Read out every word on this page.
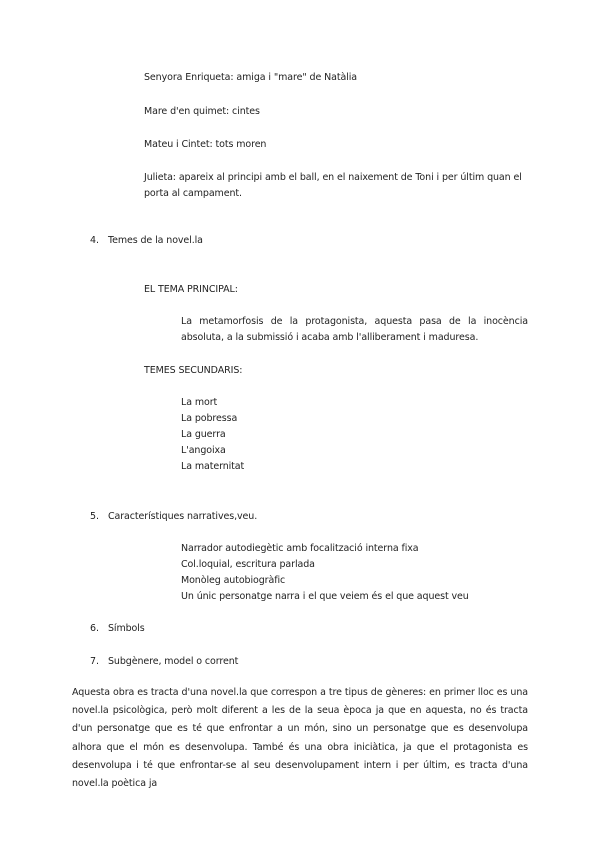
Senyora Enriqueta: amiga i "mare" de Natàlia
Mare d'en quimet: cintes
Mateu i Cintet: tots moren
Julieta: apareix al principi amb el ball, en el naixement de Toni i per últim quan el
porta al campament.
4. Temes de la novel.la
EL TEMA PRINCIPAL:
La metamorfosis de la protagonista, aquesta pasa de la inocència
absoluta, a la submissió i acaba amb l'alliberament i maduresa.
TEMES SECUNDARIS:
La mort
La pobressa
La guerra
L'angoixa
La maternitat
5. Característiques narratives,veu.
Narrador autodiegètic amb focalització interna fixa
Col.loquial, escritura parlada
Monòleg autobiogràfic
Un únic personatge narra i el que veiem és el que aquest veu
6. Símbols
7. Subgènere, model o corrent
Aquesta obra es tracta d'una novel.la que correspon a tre tipus de gèneres: en primer lloc es una novel.la psicològica, però molt diferent a les de la seua època ja que en aquesta, no és tracta d'un personatge que es té que enfrontar a un món, sino un personatge que es desenvolupa alhora que el món es desenvolupa. També és una obra iniciàtica, ja que el protagonista es desenvolupa i té que enfrontar-se al seu desenvolupament intern i per últim, es tracta d'una novel.la poètica ja
